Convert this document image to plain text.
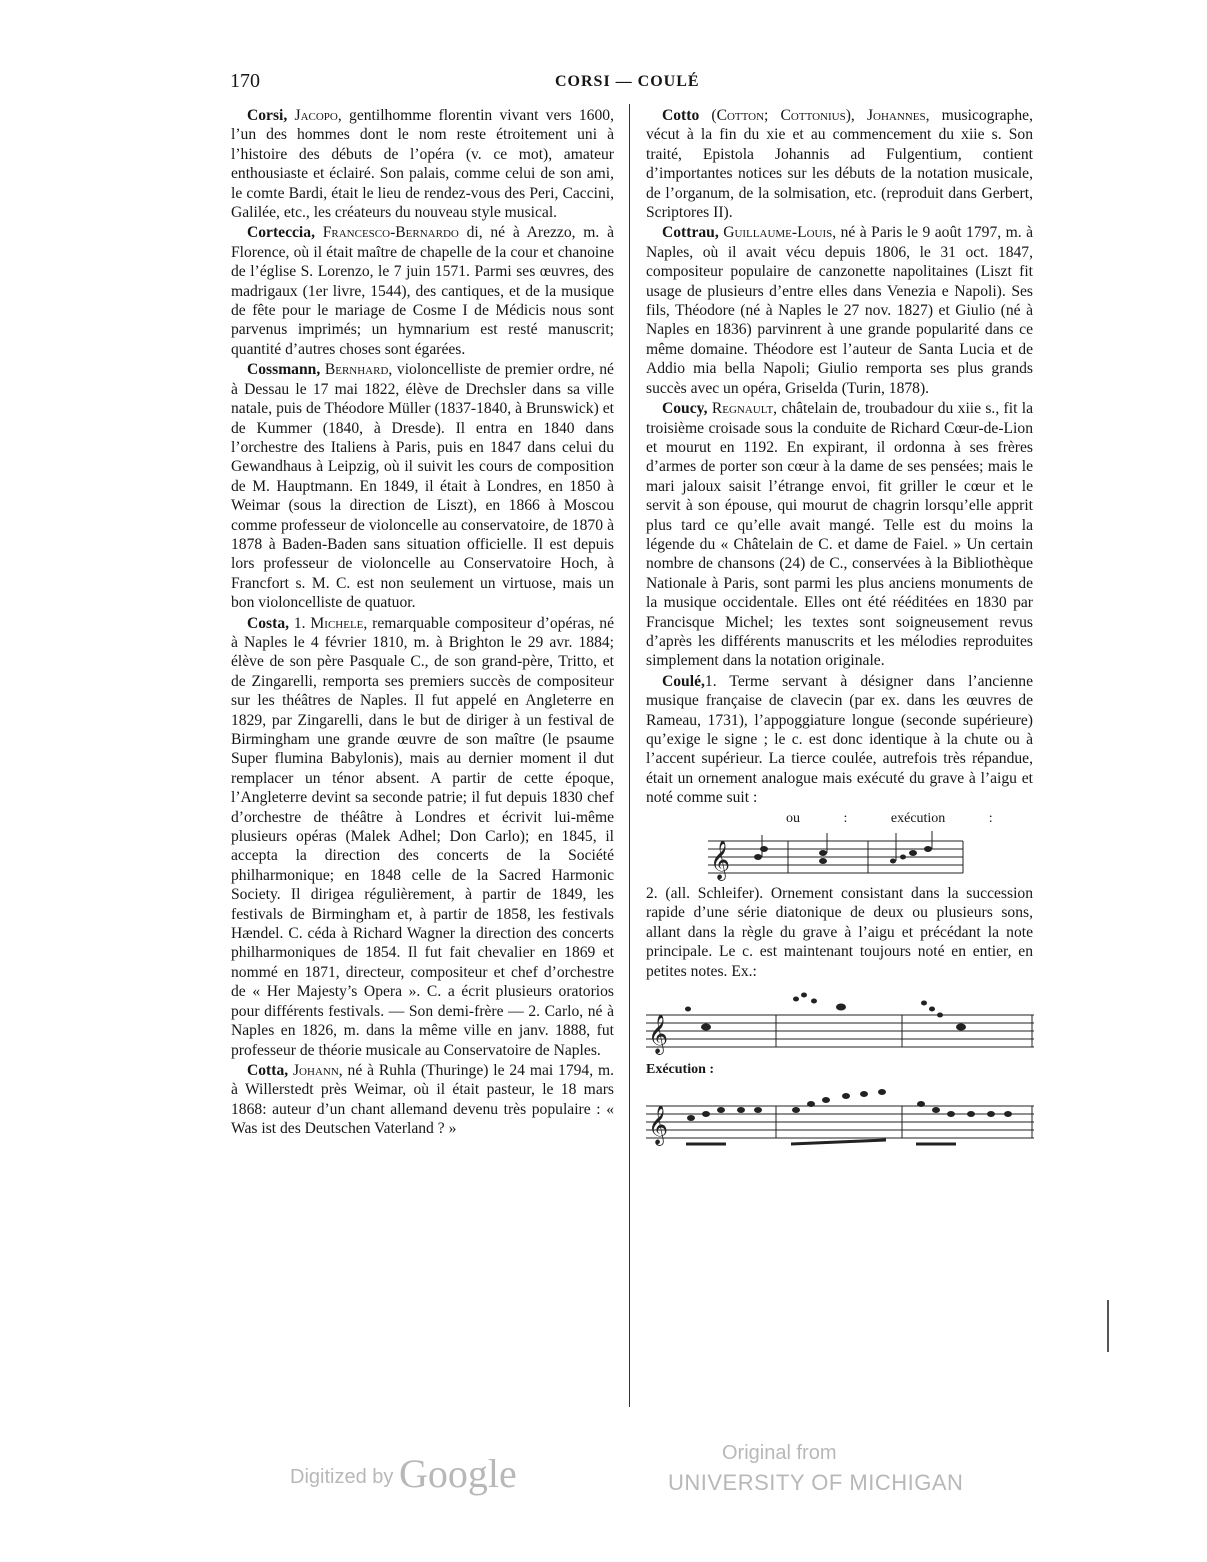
170	CORSI — COULÉ

Corsi, Jacopo, gentilhomme florentin vivant vers 1600, l’un des hommes dont le nom reste étroitement uni à l’histoire des débuts de l’opéra (v. ce mot), amateur enthousiaste et éclairé. Son palais, comme celui de son ami, le comte Bardi, était le lieu de rendez-vous des Peri, Caccini, Galilée, etc., les créateurs du nouveau style musical.

Corteccia, Francesco-Bernardo di, né à Arezzo, m. à Florence, où il était maître de chapelle de la cour et chanoine de l’église S. Lorenzo, le 7 juin 1571. Parmi ses œuvres, des madrigaux (1er livre, 1544), des cantiques, et de la musique de fête pour le mariage de Cosme I de Médicis nous sont parvenus imprimés; un hymnarium est resté manuscrit; quantité d’autres choses sont égarées.

Cossmann, Bernhard, violoncelliste de premier ordre, né à Dessau le 17 mai 1822, élève de Drechsler dans sa ville natale, puis de Théodore Müller (1837-1840, à Brunswick) et de Kummer (1840, à Dresde). Il entra en 1840 dans l’orchestre des Italiens à Paris, puis en 1847 dans celui du Gewandhaus à Leipzig, où il suivit les cours de composition de M. Hauptmann. En 1849, il était à Londres, en 1850 à Weimar (sous la direction de Liszt), en 1866 à Moscou comme professeur de violoncelle au conservatoire, de 1870 à 1878 à Baden-Baden sans situation officielle. Il est depuis lors professeur de violoncelle au Conservatoire Hoch, à Francfort s. M. C. est non seulement un virtuose, mais un bon violoncelliste de quatuor.

Costa, 1. Michele, remarquable compositeur d’opéras, né à Naples le 4 février 1810, m. à Brighton le 29 avr. 1884; élève de son père Pasquale C., de son grand-père, Tritto, et de Zingarelli, remporta ses premiers succès de compositeur sur les théâtres de Naples. Il fut appelé en Angleterre en 1829, par Zingarelli, dans le but de diriger à un festival de Birmingham une grande œuvre de son maître (le psaume Super flumina Babylonis), mais au dernier moment il dut remplacer un ténor absent. A partir de cette époque, l’Angleterre devint sa seconde patrie; il fut depuis 1830 chef d’orchestre de théâtre à Londres et écrivit lui-même plusieurs opéras (Malek Adhel; Don Carlo); en 1845, il accepta la direction des concerts de la Société philharmonique; en 1848 celle de la Sacred Harmonic Society. Il dirigea régulièrement, à partir de 1849, les festivals de Birmingham et, à partir de 1858, les festivals Hændel. C. céda à Richard Wagner la direction des concerts philharmoniques de 1854. Il fut fait chevalier en 1869 et nommé en 1871, directeur, compositeur et chef d’orchestre de « Her Majesty’s Opera ». C. a écrit plusieurs oratorios pour différents festivals. — Son demi-frère — 2. Carlo, né à Naples en 1826, m. dans la même ville en janv. 1888, fut professeur de théorie musicale au Conservatoire de Naples.

Cotta, Johann, né à Ruhla (Thuringe) le 24 mai 1794, m. à Willerstedt près Weimar, où il était pasteur, le 18 mars 1868: auteur d’un chant allemand devenu très populaire : « Was ist des Deutschen Vaterland ? »

Cotto (Cotton; Cottonius), Johannes, musicographe, vécut à la fin du xie et au commencement du xiie s. Son traité, Epistola Johannis ad Fulgentium, contient d’importantes notices sur les débuts de la notation musicale, de l’organum, de la solmisation, etc. (reproduit dans Gerbert, Scriptores II).

Cottrau, Guillaume-Louis, né à Paris le 9 août 1797, m. à Naples, où il avait vécu depuis 1806, le 31 oct. 1847, compositeur populaire de canzonette napolitaines (Liszt fit usage de plusieurs d’entre elles dans Venezia e Napoli). Ses fils, Théodore (né à Naples le 27 nov. 1827) et Giulio (né à Naples en 1836) parvinrent à une grande popularité dans ce même domaine. Théodore est l’auteur de Santa Lucia et de Addio mia bella Napoli; Giulio remporta ses plus grands succès avec un opéra, Griselda (Turin, 1878).

Coucy, Regnault, châtelain de, troubadour du xiie s., fit la troisième croisade sous la conduite de Richard Cœur-de-Lion et mourut en 1192. En expirant, il ordonna à ses frères d’armes de porter son cœur à la dame de ses pensées; mais le mari jaloux saisit l’étrange envoi, fit griller le cœur et le servit à son épouse, qui mourut de chagrin lorsqu’elle apprit plus tard ce qu’elle avait mangé. Telle est du moins la légende du « Châtelain de C. et dame de Faiel. » Un certain nombre de chansons (24) de C., conservées à la Bibliothèque Nationale à Paris, sont parmi les plus anciens monuments de la musique occidentale. Elles ont été rééditées en 1830 par Francisque Michel; les textes sont soigneusement revus d’après les différents manuscrits et les mélodies reproduites simplement dans la notation originale.

Coulé,1. Terme servant à désigner dans l’ancienne musique française de clavecin (par ex. dans les œuvres de Rameau, 1731), l’appoggiature longue (seconde supérieure) qu’exige le signe ; le c. est donc identique à la chute ou à l’accent supérieur. La tierce coulée, autrefois très répandue, était un ornement analogue mais exécuté du grave à l’aigu et noté comme suit :

ou :	exécution :
𝄞

2. (all. Schleifer). Ornement consistant dans la succession rapide d’une série diatonique de deux ou plusieurs sons, allant dans la règle du grave à l’aigu et précédant la note principale. Le c. est maintenant toujours noté en entier, en petites notes. Ex.:

𝄞
Exécution :
𝄞
Digitized by Google	Original from
UNIVERSITY OF MICHIGAN
